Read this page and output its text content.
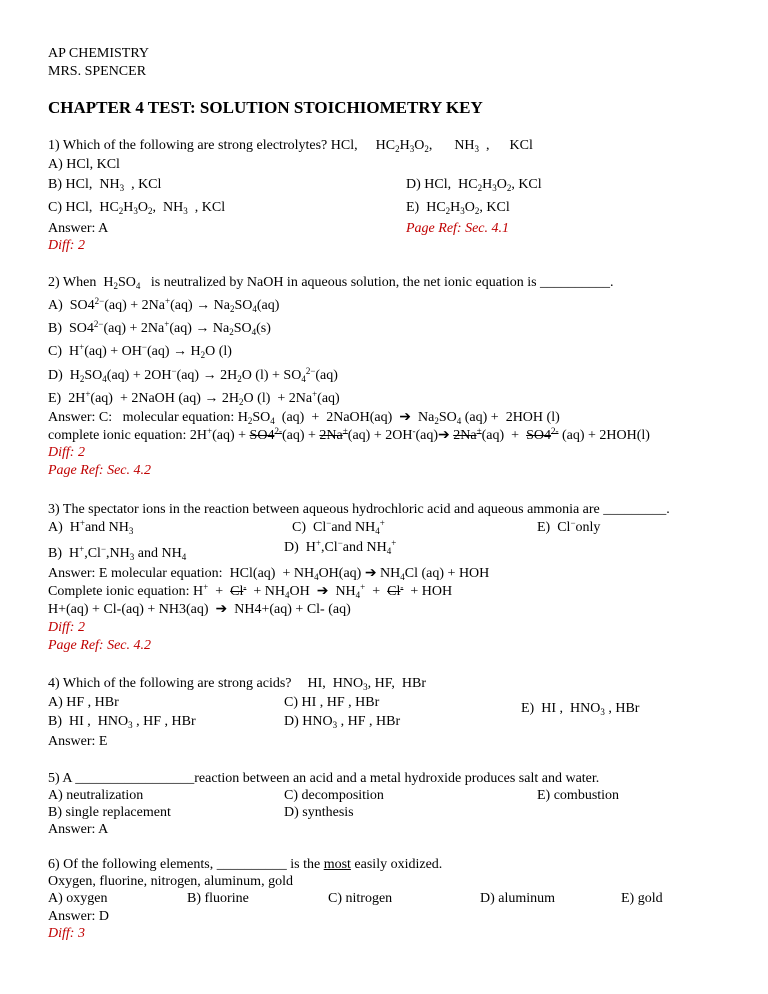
AP CHEMISTRY
MRS. SPENCER
CHAPTER 4 TEST: SOLUTION STOICHIOMETRY KEY
1) Which of the following are strong electrolytes? HCl, $HC_2H_3O_2$, $NH_3$  , KCl
A) HCl, KCl
B) HCl,  $NH_3$  , KCl	D) HCl,  $HC_2H_3O_2$, KCl
C) HCl,  $HC_2H_3O_2$,  $NH_3$  , KCl	E)  $HC_2H_3O_2$, KCl
Answer: A	Page Ref: Sec. 4.1
Diff: 2
2) When  $H_2SO_4$   is neutralized by NaOH in aqueous solution, the net ionic equation is __________.
A)  $SO4^{2-}(aq) + 2Na^+(aq) \to Na_2SO_4(aq)$
B)  $SO4^{2-}(aq) + 2Na^+(aq) \to Na_2SO_4(s)$
C)  $H^+(aq) + OH^-(aq) \to H_2O$ (l)
D)  $H_2SO_4(aq) + 2OH^-(aq) \to 2H_2O$ $(l) + SO_4^{2-}(aq)$
E)  2H+(aq)  + 2NaOH $(aq) \to 2H_2O$ (l)  + 2Na+(aq)
Answer: C: molecular equation: $H_2SO_4$  (aq)  +  2NaOH(aq)  ➔  $Na_2SO_4$ (aq) +  2HOH (l)
complete ionic equation: $2H^+(aq) + SO4^{2-}(aq) + 2Na^+(aq)$ + 2OH-(aq)➔ $2Na^+(aq) + SO4^{2-}$ (aq) + 2HOH(l)
Diff: 2
Page Ref: Sec. 4.2
3) The spectator ions in the reaction between aqueous hydrochloric acid and aqueous ammonia are _________.
A)  H+and $NH_3$	C)  Cl−and $NH_4^+$	E)  Cl−only
D)  H+,Cl−and $NH_4^+$
B)  $H^+,Cl^-,NH_3$ and $NH_4$
Answer: E molecular equation:  $HCl(aq) + NH_4OH(aq)$ ➔ $NH_4Cl$ (aq) + HOH
Complete ionic equation: $H^+ + Cl^- + NH_4OH$  ➔  $NH_4^+ + Cl^-$  + HOH
H+(aq) + Cl-(aq) + NH3(aq)  ➔  NH4+(aq) + Cl- (aq)
Diff: 2
Page Ref: Sec. 4.2
4) Which of the following are strong acids? HI,  $HNO_3$, HF,  HBr
A) HF , HBr	C) HI , HF , HBr	E)  HI ,  $HNO_3$ , HBr
B)  HI ,  $HNO_3$ , HF , HBr	D) $HNO_3$ , HF , HBr
Answer: E
5) A _________________reaction between an acid and a metal hydroxide produces salt and water.
A) neutralization	C) decomposition	E) combustion
B) single replacement	D) synthesis
Answer: A
6) Of the following elements, __________ is the most easily oxidized.
Oxygen, fluorine, nitrogen, aluminum, gold
A) oxygen	B) fluorine	C) nitrogen	D) aluminum	E) gold
Answer: D
Diff: 3
